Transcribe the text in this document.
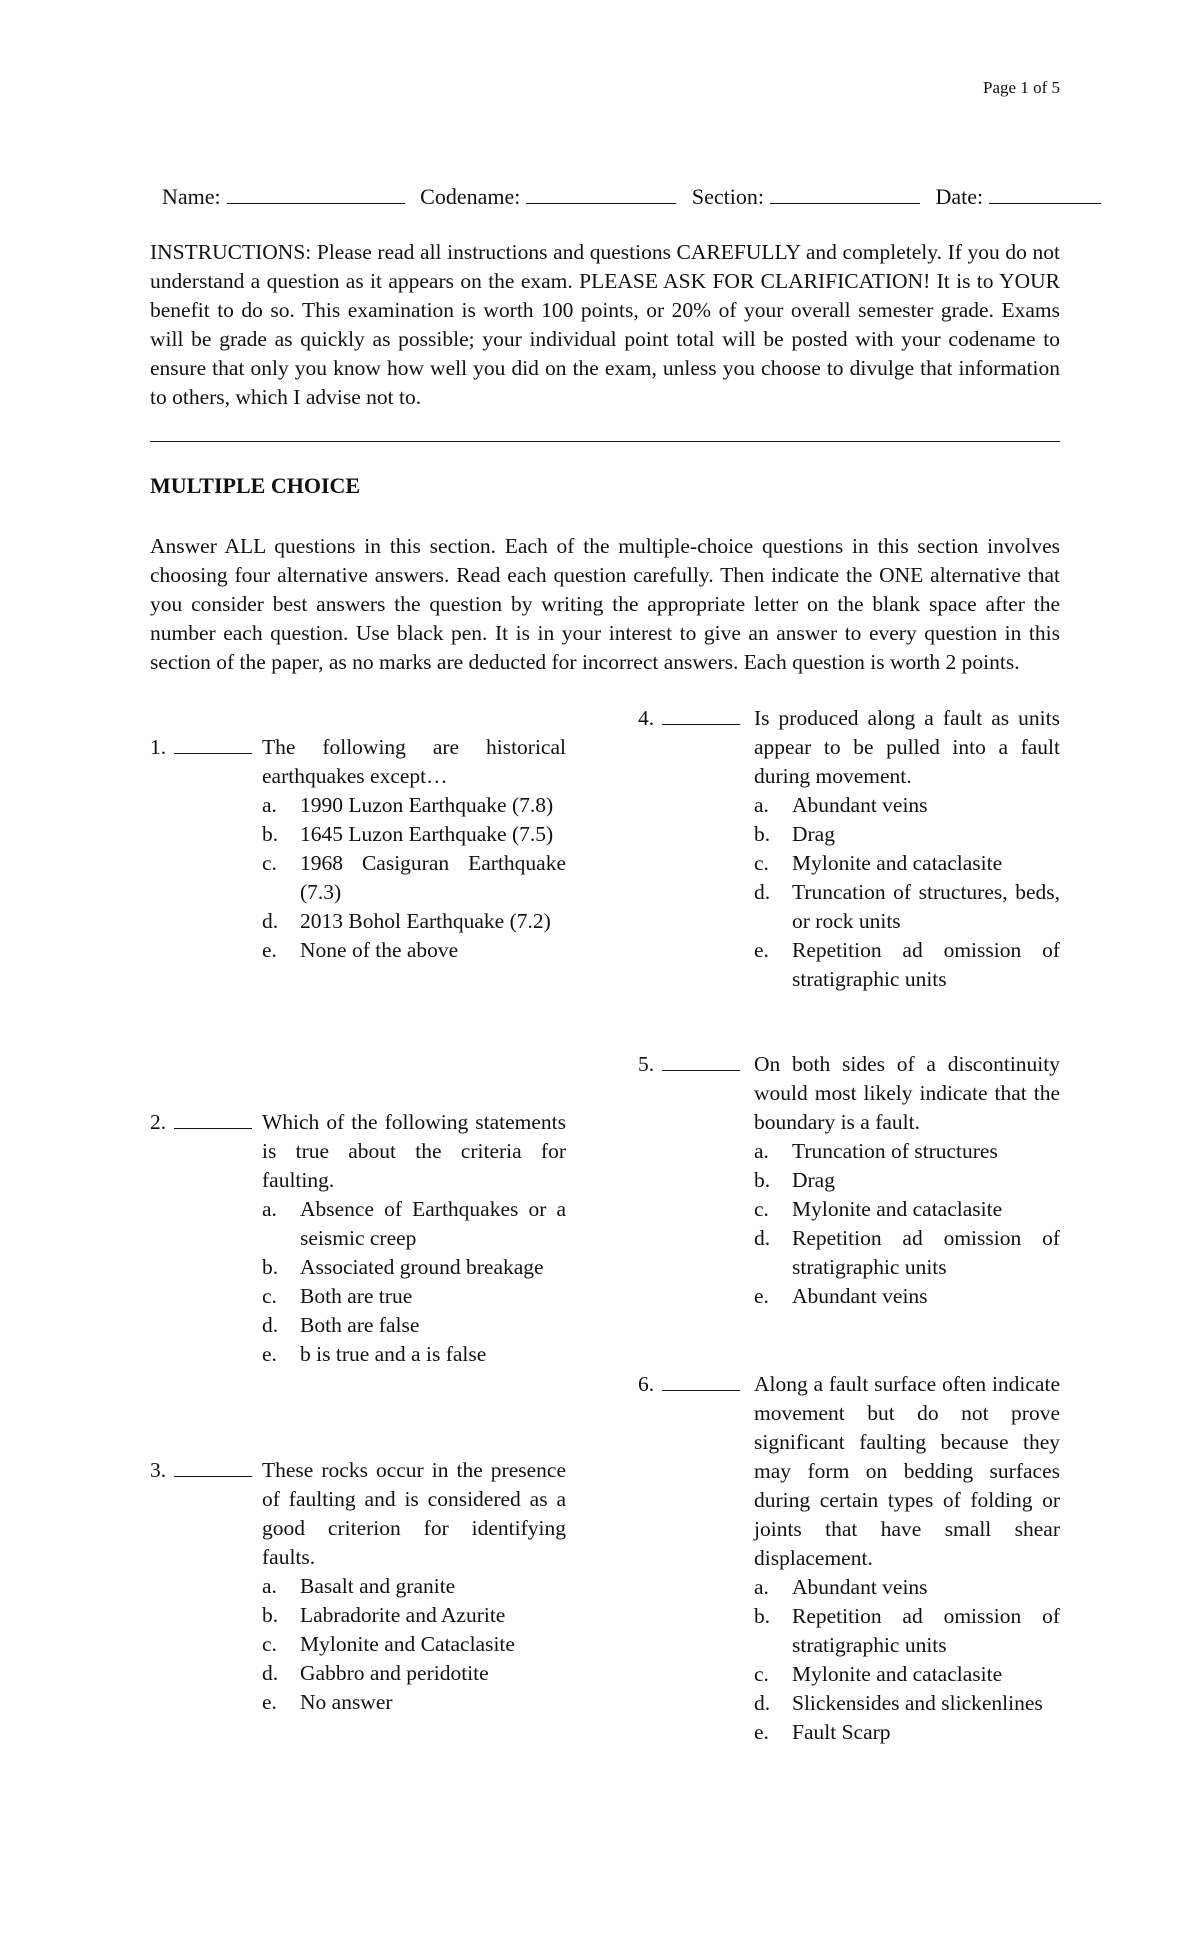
Page 1 of 5
Name:	Codename:	Section:	Date:
INSTRUCTIONS: Please read all instructions and questions CAREFULLY and completely. If you do not understand a question as it appears on the exam. PLEASE ASK FOR CLARIFICATION! It is to YOUR benefit to do so. This examination is worth 100 points, or 20% of your overall semester grade. Exams will be grade as quickly as possible; your individual point total will be posted with your codename to ensure that only you know how well you did on the exam, unless you choose to divulge that information to others, which I advise not to.
MULTIPLE CHOICE
Answer ALL questions in this section. Each of the multiple-choice questions in this section involves choosing four alternative answers. Read each question carefully. Then indicate the ONE alternative that you consider best answers the question by writing the appropriate letter on the blank space after the number each question. Use black pen. It is in your interest to give an answer to every question in this section of the paper, as no marks are deducted for incorrect answers. Each question is worth 2 points.
1.	The following are historical earthquakes except…
a. 1990 Luzon Earthquake (7.8)
b. 1645 Luzon Earthquake (7.5)
c. 1968 Casiguran Earthquake (7.3)
d. 2013 Bohol Earthquake (7.2)
e. None of the above
2.	Which of the following statements is true about the criteria for faulting.
a. Absence of Earthquakes or a seismic creep
b. Associated ground breakage
c. Both are true
d. Both are false
e. b is true and a is false
3.	These rocks occur in the presence of faulting and is considered as a good criterion for identifying faults.
a. Basalt and granite
b. Labradorite and Azurite
c. Mylonite and Cataclasite
d. Gabbro and peridotite
e. No answer
4.	Is produced along a fault as units appear to be pulled into a fault during movement.
a. Abundant veins
b. Drag
c. Mylonite and cataclasite
d. Truncation of structures, beds, or rock units
e. Repetition ad omission of stratigraphic units
5.	On both sides of a discontinuity would most likely indicate that the boundary is a fault.
a. Truncation of structures
b. Drag
c. Mylonite and cataclasite
d. Repetition ad omission of stratigraphic units
e. Abundant veins
6.	Along a fault surface often indicate movement but do not prove significant faulting because they may form on bedding surfaces during certain types of folding or joints that have small shear displacement.
a. Abundant veins
b. Repetition ad omission of stratigraphic units
c. Mylonite and cataclasite
d. Slickensides and slickenlines
e. Fault Scarp
